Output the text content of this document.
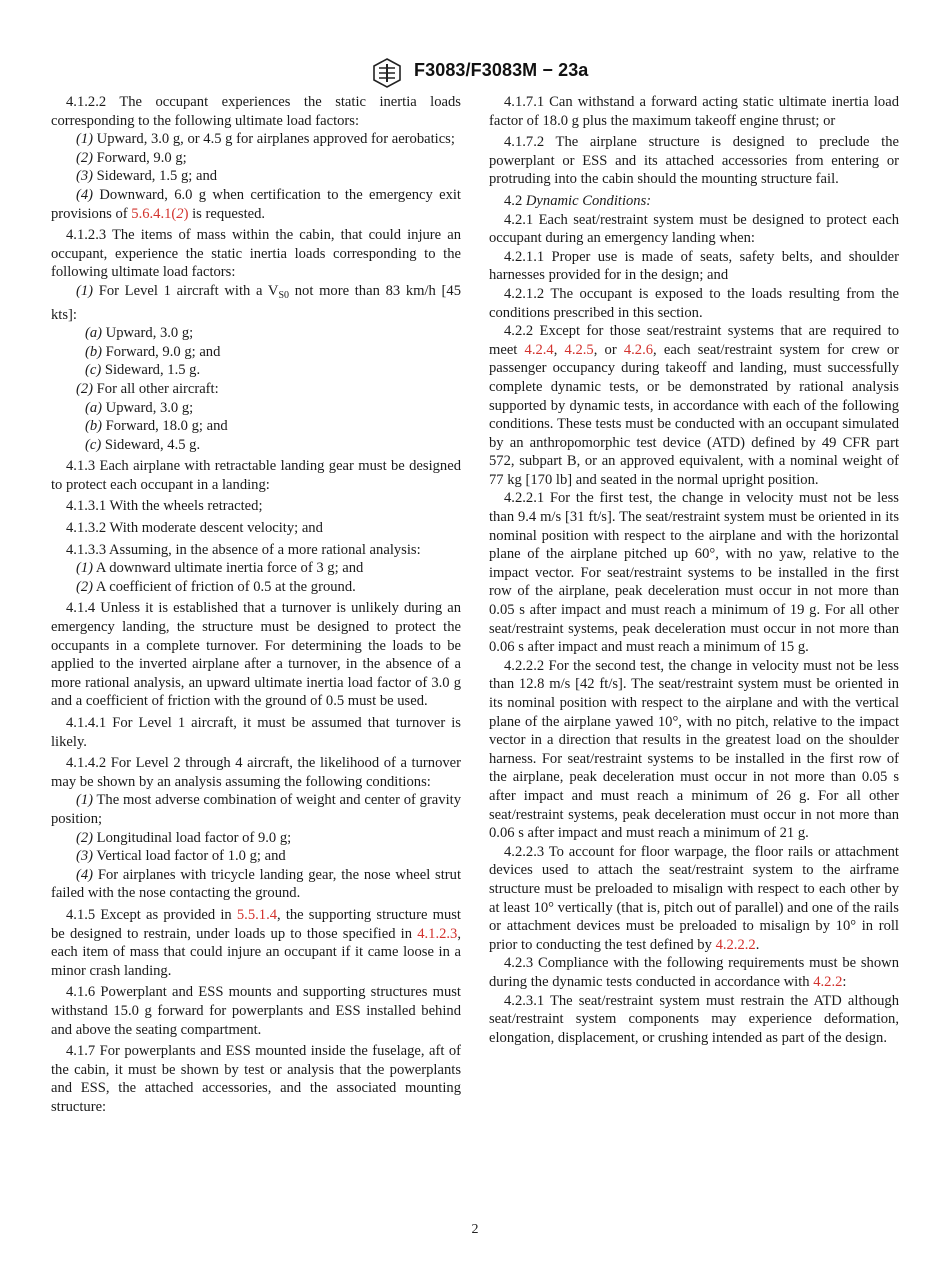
F3083/F3083M − 23a

4.1.2.2 The occupant experiences the static inertia loads corresponding to the following ultimate load factors:

(1) Upward, 3.0 g, or 4.5 g for airplanes approved for aerobatics;

(2) Forward, 9.0 g;

(3) Sideward, 1.5 g; and

(4) Downward, 6.0 g when certification to the emergency exit provisions of 5.6.4.1(2) is requested.

4.1.2.3 The items of mass within the cabin, that could injure an occupant, experience the static inertia loads corresponding to the following ultimate load factors:

(1) For Level 1 aircraft with a $V_{S0}$ not more than 83 km/h [45 kts]:

(a) Upward, 3.0 g;

(b) Forward, 9.0 g; and

(c) Sideward, 1.5 g.

(2) For all other aircraft:

(a) Upward, 3.0 g;

(b) Forward, 18.0 g; and

(c) Sideward, 4.5 g.

4.1.3 Each airplane with retractable landing gear must be designed to protect each occupant in a landing:

4.1.3.1 With the wheels retracted;

4.1.3.2 With moderate descent velocity; and

4.1.3.3 Assuming, in the absence of a more rational analysis:

(1) A downward ultimate inertia force of 3 g; and

(2) A coefficient of friction of 0.5 at the ground.

4.1.4 Unless it is established that a turnover is unlikely during an emergency landing, the structure must be designed to protect the occupants in a complete turnover. For determining the loads to be applied to the inverted airplane after a turnover, in the absence of a more rational analysis, an upward ultimate inertia load factor of 3.0 g and a coefficient of friction with the ground of 0.5 must be used.

4.1.4.1 For Level 1 aircraft, it must be assumed that turnover is likely.

4.1.4.2 For Level 2 through 4 aircraft, the likelihood of a turnover may be shown by an analysis assuming the following conditions:

(1) The most adverse combination of weight and center of gravity position;

(2) Longitudinal load factor of 9.0 g;

(3) Vertical load factor of 1.0 g; and

(4) For airplanes with tricycle landing gear, the nose wheel strut failed with the nose contacting the ground.

4.1.5 Except as provided in 5.5.1.4, the supporting structure must be designed to restrain, under loads up to those specified in 4.1.2.3, each item of mass that could injure an occupant if it came loose in a minor crash landing.

4.1.6 Powerplant and ESS mounts and supporting structures must withstand 15.0 g forward for powerplants and ESS installed behind and above the seating compartment.

4.1.7 For powerplants and ESS mounted inside the fuselage, aft of the cabin, it must be shown by test or analysis that the powerplants and ESS, the attached accessories, and the associated mounting structure:

4.1.7.1 Can withstand a forward acting static ultimate inertia load factor of 18.0 g plus the maximum takeoff engine thrust; or

4.1.7.2 The airplane structure is designed to preclude the powerplant or ESS and its attached accessories from entering or protruding into the cabin should the mounting structure fail.

4.2 Dynamic Conditions:

4.2.1 Each seat/restraint system must be designed to protect each occupant during an emergency landing when:

4.2.1.1 Proper use is made of seats, safety belts, and shoulder harnesses provided for in the design; and

4.2.1.2 The occupant is exposed to the loads resulting from the conditions prescribed in this section.

4.2.2 Except for those seat/restraint systems that are required to meet 4.2.4, 4.2.5, or 4.2.6, each seat/restraint system for crew or passenger occupancy during takeoff and landing, must successfully complete dynamic tests, or be demonstrated by rational analysis supported by dynamic tests, in accordance with each of the following conditions. These tests must be conducted with an occupant simulated by an anthropomorphic test device (ATD) defined by 49 CFR part 572, subpart B, or an approved equivalent, with a nominal weight of 77 kg [170 lb] and seated in the normal upright position.

4.2.2.1 For the first test, the change in velocity must not be less than 9.4 m/s [31 ft/s]. The seat/restraint system must be oriented in its nominal position with respect to the airplane and with the horizontal plane of the airplane pitched up 60°, with no yaw, relative to the impact vector. For seat/restraint systems to be installed in the first row of the airplane, peak deceleration must occur in not more than 0.05 s after impact and must reach a minimum of 19 g. For all other seat/restraint systems, peak deceleration must occur in not more than 0.06 s after impact and must reach a minimum of 15 g.

4.2.2.2 For the second test, the change in velocity must not be less than 12.8 m/s [42 ft/s]. The seat/restraint system must be oriented in its nominal position with respect to the airplane and with the vertical plane of the airplane yawed 10°, with no pitch, relative to the impact vector in a direction that results in the greatest load on the shoulder harness. For seat/restraint systems to be installed in the first row of the airplane, peak deceleration must occur in not more than 0.05 s after impact and must reach a minimum of 26 g. For all other seat/restraint systems, peak deceleration must occur in not more than 0.06 s after impact and must reach a minimum of 21 g.

4.2.2.3 To account for floor warpage, the floor rails or attachment devices used to attach the seat/restraint system to the airframe structure must be preloaded to misalign with respect to each other by at least 10° vertically (that is, pitch out of parallel) and one of the rails or attachment devices must be preloaded to misalign by 10° in roll prior to conducting the test defined by 4.2.2.2.

4.2.3 Compliance with the following requirements must be shown during the dynamic tests conducted in accordance with 4.2.2:

4.2.3.1 The seat/restraint system must restrain the ATD although seat/restraint system components may experience deformation, elongation, displacement, or crushing intended as part of the design.

2
